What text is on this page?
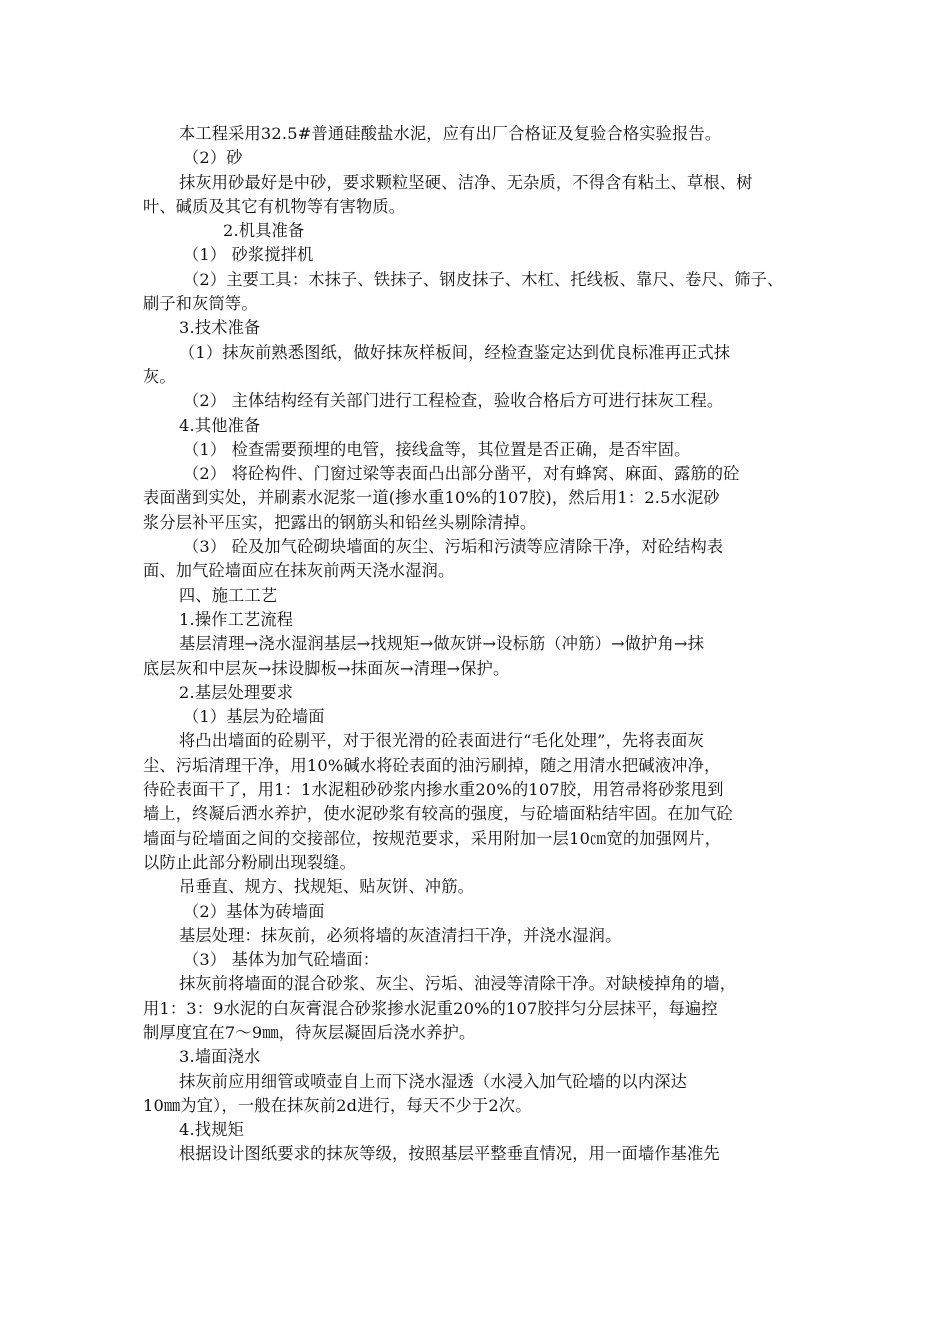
本工程采用32.5#普通硅酸盐水泥，应有出厂合格证及复验合格实验报告。
（2）砂
抹灰用砂最好是中砂，要求颗粒坚硬、洁净、无杂质，不得含有粘土、草根、树
叶、碱质及其它有机物等有害物质。
2.机具准备
（1） 砂浆搅拌机
（2）主要工具：木抹子、铁抹子、钢皮抹子、木杠、托线板、靠尺、卷尺、筛子、
刷子和灰筒等。
3.技术准备
（1）抹灰前熟悉图纸，做好抹灰样板间，经检查鉴定达到优良标准再正式抹
灰。
（2） 主体结构经有关部门进行工程检查，验收合格后方可进行抹灰工程。
4.其他准备
（1） 检查需要预埋的电管，接线盒等，其位置是否正确，是否牢固。
（2） 将砼构件、门窗过梁等表面凸出部分凿平，对有蜂窝、麻面、露筋的砼
表面凿到实处，并刷素水泥浆一道(掺水重10%的107胶)，然后用1：2.5水泥砂
浆分层补平压实，把露出的钢筋头和铅丝头剔除清掉。
（3） 砼及加气砼砌块墙面的灰尘、污垢和污渍等应清除干净，对砼结构表
面、加气砼墙面应在抹灰前两天浇水湿润。
四、施工工艺
1.操作工艺流程
基层清理→浇水湿润基层→找规矩→做灰饼→设标筋（冲筋）→做护角→抹
底层灰和中层灰→抹设脚板→抹面灰→清理→保护。
2.基层处理要求
（1）基层为砼墙面
将凸出墙面的砼剔平，对于很光滑的砼表面进行“毛化处理”，先将表面灰
尘、污垢清理干净，用10%碱水将砼表面的油污刷掉，随之用清水把碱液冲净，
待砼表面干了，用1：1水泥粗砂砂浆内掺水重20%的107胶，用笤帚将砂浆甩到
墙上，终凝后洒水养护，使水泥砂浆有较高的强度，与砼墙面粘结牢固。在加气砼
墙面与砼墙面之间的交接部位，按规范要求，采用附加一层10㎝宽的加强网片，
以防止此部分粉刷出现裂缝。
吊垂直、规方、找规矩、贴灰饼、冲筋。
（2）基体为砖墙面
基层处理：抹灰前，必须将墙的灰渣清扫干净，并浇水湿润。
（3） 基体为加气砼墙面：
抹灰前将墙面的混合砂浆、灰尘、污垢、油浸等清除干净。对缺棱掉角的墙，
用1：3：9水泥的白灰膏混合砂浆掺水泥重20%的107胶拌匀分层抹平，每遍控
制厚度宜在7～9㎜，待灰层凝固后浇水养护。
3.墙面浇水
抹灰前应用细管或喷壶自上而下浇水湿透（水浸入加气砼墙的以内深达
10㎜为宜），一般在抹灰前2d进行，每天不少于2次。
4.找规矩
根据设计图纸要求的抹灰等级，按照基层平整垂直情况，用一面墙作基准先
